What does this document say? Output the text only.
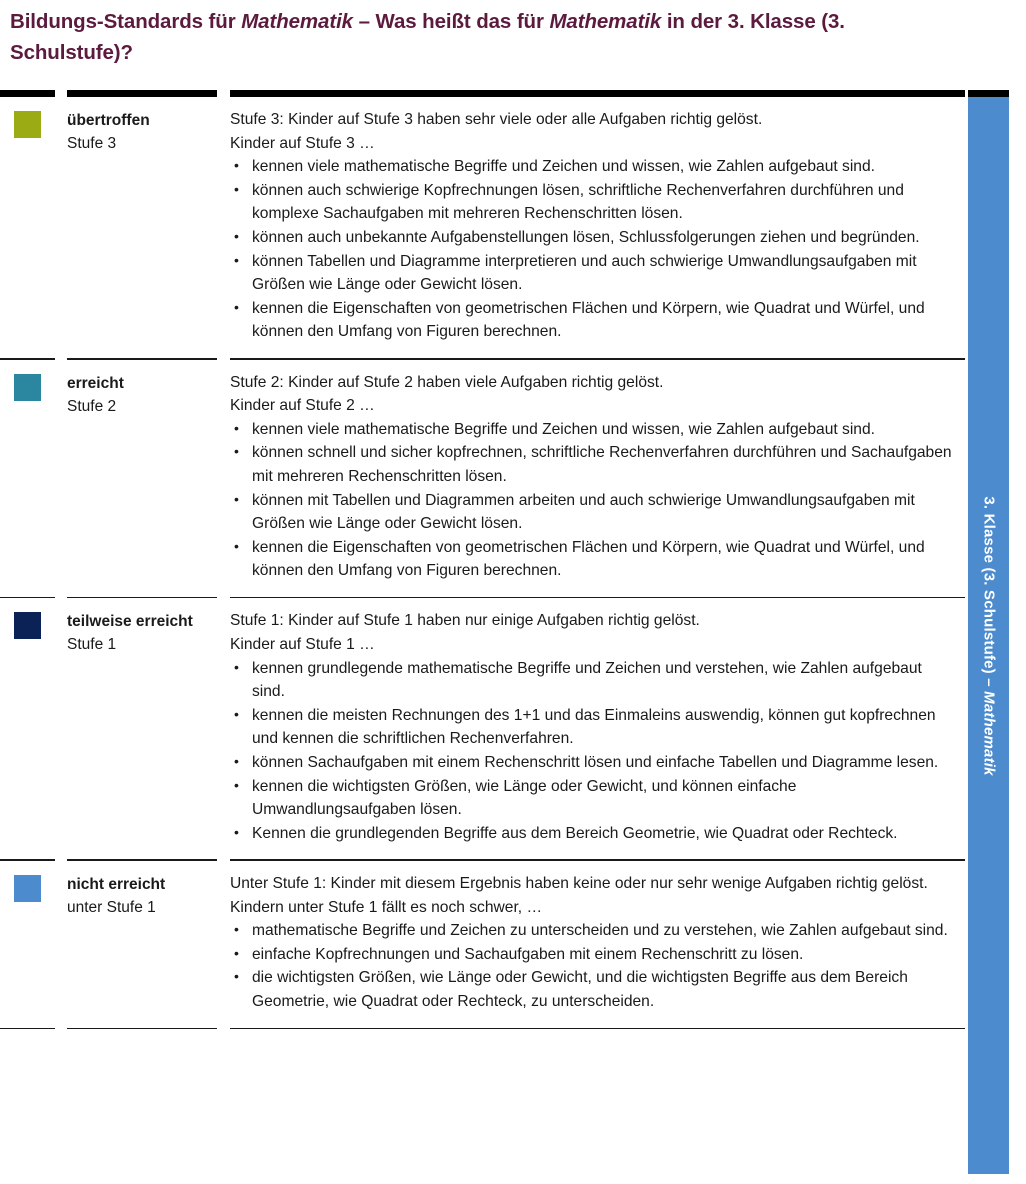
Bildungs-Standards für Mathematik – Was heißt das für Mathematik in der 3. Klasse (3. Schulstufe)?
übertroffen
Stufe 3

Stufe 3: Kinder auf Stufe 3 haben sehr viele oder alle Aufgaben richtig gelöst.

Kinder auf Stufe 3 …

• kennen viele mathematische Begriffe und Zeichen und wissen, wie Zahlen aufgebaut sind.
• können auch schwierige Kopfrechnungen lösen, schriftliche Rechenverfahren durchführen und komplexe Sachaufgaben mit mehreren Rechenschritten lösen.
• können auch unbekannte Aufgabenstellungen lösen, Schlussfolgerungen ziehen und begründen.
• können Tabellen und Diagramme interpretieren und auch schwierige Umwandlungsaufgaben mit Größen wie Länge oder Gewicht lösen.
• kennen die Eigenschaften von geometrischen Flächen und Körpern, wie Quadrat und Würfel, und können den Umfang von Figuren berechnen.
erreicht
Stufe 2

Stufe 2: Kinder auf Stufe 2 haben viele Aufgaben richtig gelöst.

Kinder auf Stufe 2 …

• kennen viele mathematische Begriffe und Zeichen und wissen, wie Zahlen aufgebaut sind.
• können schnell und sicher kopfrechnen, schriftliche Rechenverfahren durchführen und Sachaufgaben mit mehreren Rechenschritten lösen.
• können mit Tabellen und Diagrammen arbeiten und auch schwierige Umwandlungsaufgaben mit Größen wie Länge oder Gewicht lösen.
• kennen die Eigenschaften von geometrischen Flächen und Körpern, wie Quadrat und Würfel, und können den Umfang von Figuren berechnen.
teilweise erreicht
Stufe 1

Stufe 1: Kinder auf Stufe 1 haben nur einige Aufgaben richtig gelöst.

Kinder auf Stufe 1 …

• kennen grundlegende mathematische Begriffe und Zeichen und verstehen, wie Zahlen aufgebaut sind.
• kennen die meisten Rechnungen des 1+1 und das Einmaleins auswendig, können gut kopfrechnen und kennen die schriftlichen Rechenverfahren.
• können Sachaufgaben mit einem Rechenschritt lösen und einfache Tabellen und Diagramme lesen.
• kennen die wichtigsten Größen, wie Länge oder Gewicht, und können einfache Umwandlungsaufgaben lösen.
• Kennen die grundlegenden Begriffe aus dem Bereich Geometrie, wie Quadrat oder Rechteck.
nicht erreicht
unter Stufe 1

Unter Stufe 1: Kinder mit diesem Ergebnis haben keine oder nur sehr wenige Aufgaben richtig gelöst.

Kindern unter Stufe 1 fällt es noch schwer, …

• mathematische Begriffe und Zeichen zu unterscheiden und zu verstehen, wie Zahlen aufgebaut sind.
• einfache Kopfrechnungen und Sachaufgaben mit einem Rechenschritt zu lösen.
• die wichtigsten Größen, wie Länge oder Gewicht, und die wichtigsten Begriffe aus dem Bereich Geometrie, wie Quadrat oder Rechteck, zu unterscheiden.
3. Klasse (3. Schulstufe) – Mathematik
